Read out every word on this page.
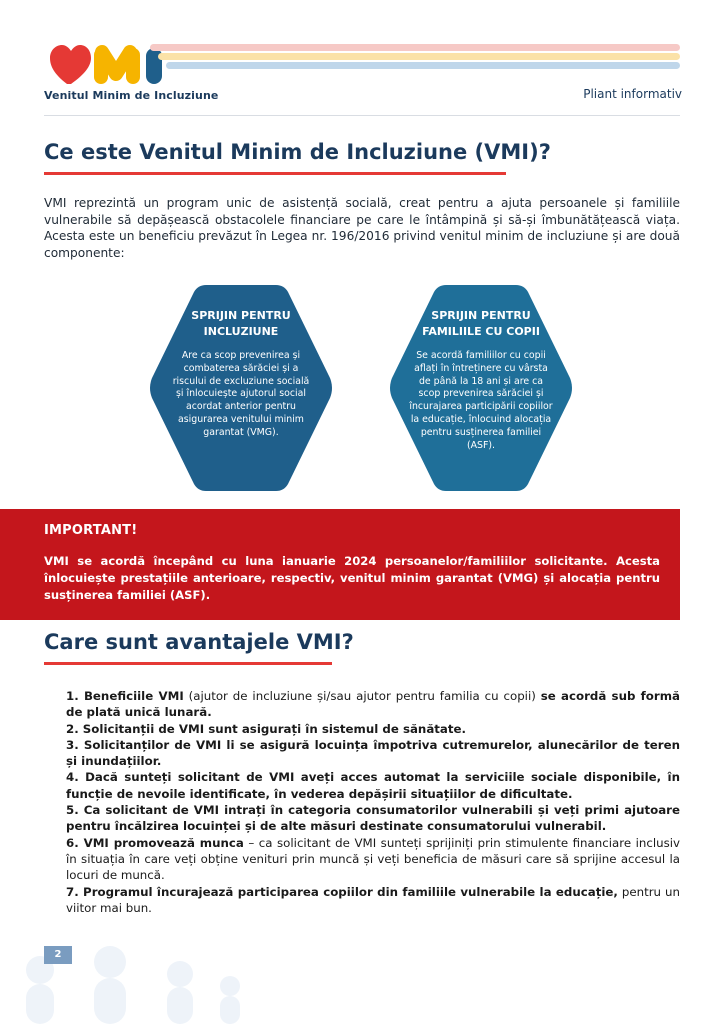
Venitul Minim de Incluziune	Pliant informativ
Ce este Venitul Minim de Incluziune (VMI)?
VMI reprezintă un program unic de asistență socială, creat pentru a ajuta persoanele și familiile vulnerabile să depășească obstacolele financiare pe care le întâmpină și să-și îmbunătățească viața. Acesta este un beneficiu prevăzut în Legea nr. 196/2016 privind venitul minim de incluziune și are două componente:
SPRIJIN PENTRU
INCLUZIUNE
Are ca scop prevenirea și combaterea sărăciei și a riscului de excluziune socială și înlocuiește ajutorul social acordat anterior pentru asigurarea venitului minim garantat (VMG).
SPRIJIN PENTRU
FAMILIILE CU COPII
Se acordă familiilor cu copii aflați în întreținere cu vârsta de până la 18 ani și are ca scop prevenirea sărăciei și încurajarea participării copiilor la educație, înlocuind alocația pentru susținerea familiei (ASF).
IMPORTANT!
VMI se acordă începând cu luna ianuarie 2024 persoanelor/familiilor solicitante. Acesta înlocuiește prestațiile anterioare, respectiv, venitul minim garantat (VMG) și alocația pentru susținerea familiei (ASF).
Care sunt avantajele VMI?

1. Beneficiile VMI (ajutor de incluziune și/sau ajutor pentru familia cu copii) se acordă sub formă de plată unică lunară.

2. Solicitanții de VMI sunt asigurați în sistemul de sănătate.

3. Solicitanților de VMI li se asigură locuința împotriva cutremurelor, alunecărilor de teren și inundațiilor.

4. Dacă sunteți solicitant de VMI aveți acces automat la serviciile sociale disponibile, în funcție de nevoile identificate, în vederea depășirii situațiilor de dificultate.

5. Ca solicitant de VMI intrați în categoria consumatorilor vulnerabili și veți primi ajutoare pentru încălzirea locuinței și de alte măsuri destinate consumatorului vulnerabil.

6. VMI promovează munca – ca solicitant de VMI sunteți sprijiniți prin stimulente financiare inclusiv în situația în care veți obține venituri prin muncă și veți beneficia de măsuri care să sprijine accesul la locuri de muncă.

7. Programul încurajează participarea copiilor din familiile vulnerabile la educație, pentru un viitor mai bun.

2
